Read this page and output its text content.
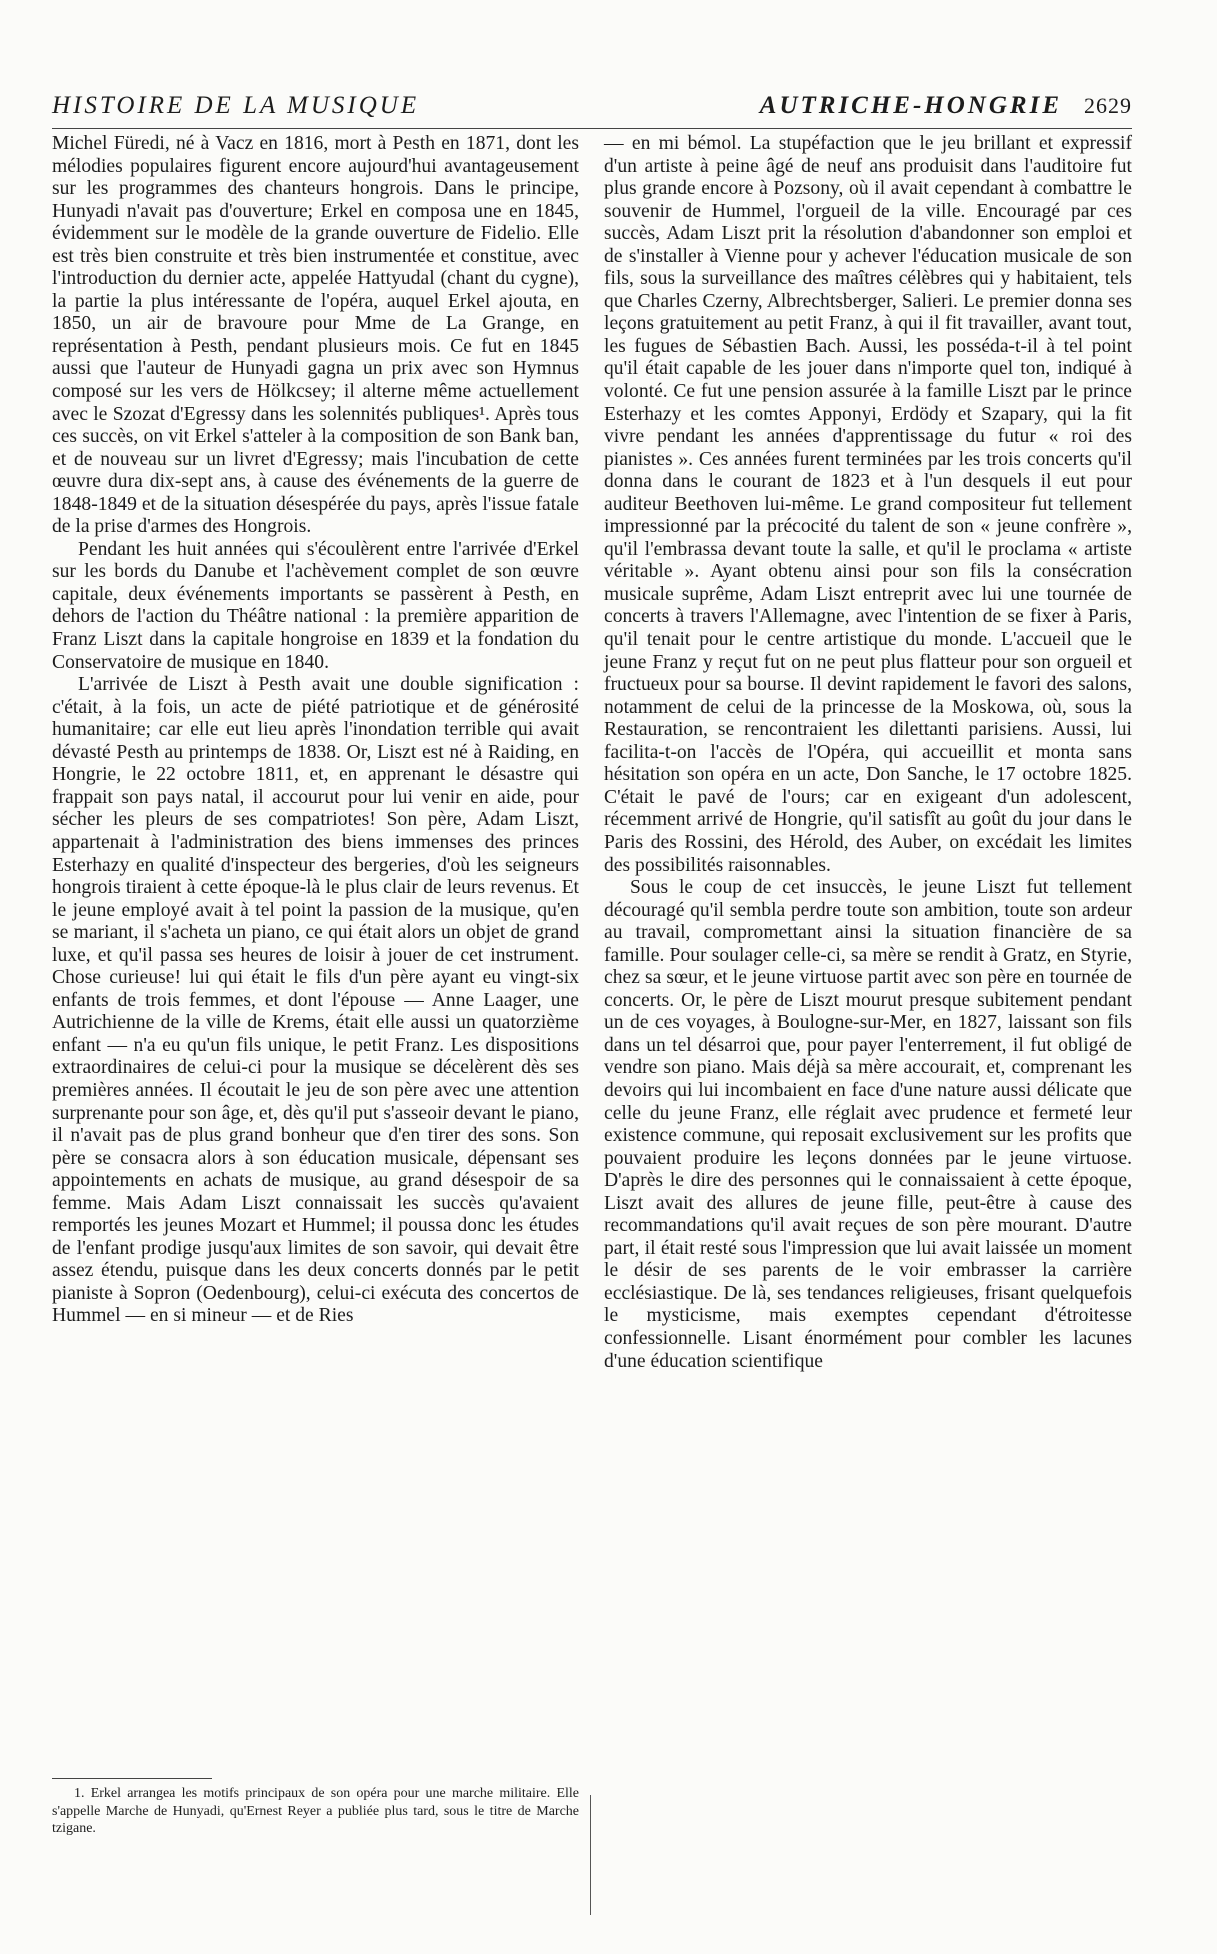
HISTOIRE DE LA MUSIQUE	AUTRICHE-HONGRIE 2629

Michel Füredi, né à Vacz en 1816, mort à Pesth en 1871, dont les mélodies populaires figurent encore aujourd'hui avantageusement sur les programmes des chanteurs hongrois. Dans le principe, Hunyadi n'avait pas d'ouverture; Erkel en composa une en 1845, évidemment sur le modèle de la grande ouverture de Fidelio. Elle est très bien construite et très bien instrumentée et constitue, avec l'introduction du dernier acte, appelée Hattyudal (chant du cygne), la partie la plus intéressante de l'opéra, auquel Erkel ajouta, en 1850, un air de bravoure pour Mme de La Grange, en représentation à Pesth, pendant plusieurs mois. Ce fut en 1845 aussi que l'auteur de Hunyadi gagna un prix avec son Hymnus composé sur les vers de Hölkcsey; il alterne même actuellement avec le Szozat d'Egressy dans les solennités publiques¹. Après tous ces succès, on vit Erkel s'atteler à la composition de son Bank ban, et de nouveau sur un livret d'Egressy; mais l'incubation de cette œuvre dura dix-sept ans, à cause des événements de la guerre de 1848-1849 et de la situation désespérée du pays, après l'issue fatale de la prise d'armes des Hongrois.

Pendant les huit années qui s'écoulèrent entre l'arrivée d'Erkel sur les bords du Danube et l'achèvement complet de son œuvre capitale, deux événements importants se passèrent à Pesth, en dehors de l'action du Théâtre national : la première apparition de Franz Liszt dans la capitale hongroise en 1839 et la fondation du Conservatoire de musique en 1840.

L'arrivée de Liszt à Pesth avait une double signification : c'était, à la fois, un acte de piété patriotique et de générosité humanitaire; car elle eut lieu après l'inondation terrible qui avait dévasté Pesth au printemps de 1838. Or, Liszt est né à Raiding, en Hongrie, le 22 octobre 1811, et, en apprenant le désastre qui frappait son pays natal, il accourut pour lui venir en aide, pour sécher les pleurs de ses compatriotes! Son père, Adam Liszt, appartenait à l'administration des biens immenses des princes Esterhazy en qualité d'inspecteur des bergeries, d'où les seigneurs hongrois tiraient à cette époque-là le plus clair de leurs revenus. Et le jeune employé avait à tel point la passion de la musique, qu'en se mariant, il s'acheta un piano, ce qui était alors un objet de grand luxe, et qu'il passa ses heures de loisir à jouer de cet instrument. Chose curieuse! lui qui était le fils d'un père ayant eu vingt-six enfants de trois femmes, et dont l'épouse — Anne Laager, une Autrichienne de la ville de Krems, était elle aussi un quatorzième enfant — n'a eu qu'un fils unique, le petit Franz. Les dispositions extraordinaires de celui-ci pour la musique se décelèrent dès ses premières années. Il écoutait le jeu de son père avec une attention surprenante pour son âge, et, dès qu'il put s'asseoir devant le piano, il n'avait pas de plus grand bonheur que d'en tirer des sons. Son père se consacra alors à son éducation musicale, dépensant ses appointements en achats de musique, au grand désespoir de sa femme. Mais Adam Liszt connaissait les succès qu'avaient remportés les jeunes Mozart et Hummel; il poussa donc les études de l'enfant prodige jusqu'aux limites de son savoir, qui devait être assez étendu, puisque dans les deux concerts donnés par le petit pianiste à Sopron (Oedenbourg), celui-ci exécuta des concertos de Hummel — en si mineur — et de Ries

— en mi bémol. La stupéfaction que le jeu brillant et expressif d'un artiste à peine âgé de neuf ans produisit dans l'auditoire fut plus grande encore à Pozsony, où il avait cependant à combattre le souvenir de Hummel, l'orgueil de la ville. Encouragé par ces succès, Adam Liszt prit la résolution d'abandonner son emploi et de s'installer à Vienne pour y achever l'éducation musicale de son fils, sous la surveillance des maîtres célèbres qui y habitaient, tels que Charles Czerny, Albrechtsberger, Salieri. Le premier donna ses leçons gratuitement au petit Franz, à qui il fit travailler, avant tout, les fugues de Sébastien Bach. Aussi, les posséda-t-il à tel point qu'il était capable de les jouer dans n'importe quel ton, indiqué à volonté. Ce fut une pension assurée à la famille Liszt par le prince Esterhazy et les comtes Apponyi, Erdödy et Szapary, qui la fit vivre pendant les années d'apprentissage du futur « roi des pianistes ». Ces années furent terminées par les trois concerts qu'il donna dans le courant de 1823 et à l'un desquels il eut pour auditeur Beethoven lui-même. Le grand compositeur fut tellement impressionné par la précocité du talent de son « jeune confrère », qu'il l'embrassa devant toute la salle, et qu'il le proclama « artiste véritable ». Ayant obtenu ainsi pour son fils la consécration musicale suprême, Adam Liszt entreprit avec lui une tournée de concerts à travers l'Allemagne, avec l'intention de se fixer à Paris, qu'il tenait pour le centre artistique du monde. L'accueil que le jeune Franz y reçut fut on ne peut plus flatteur pour son orgueil et fructueux pour sa bourse. Il devint rapidement le favori des salons, notamment de celui de la princesse de la Moskowa, où, sous la Restauration, se rencontraient les dilettanti parisiens. Aussi, lui facilita-t-on l'accès de l'Opéra, qui accueillit et monta sans hésitation son opéra en un acte, Don Sanche, le 17 octobre 1825. C'était le pavé de l'ours; car en exigeant d'un adolescent, récemment arrivé de Hongrie, qu'il satisfît au goût du jour dans le Paris des Rossini, des Hérold, des Auber, on excédait les limites des possibilités raisonnables.

Sous le coup de cet insuccès, le jeune Liszt fut tellement découragé qu'il sembla perdre toute son ambition, toute son ardeur au travail, compromettant ainsi la situation financière de sa famille. Pour soulager celle-ci, sa mère se rendit à Gratz, en Styrie, chez sa sœur, et le jeune virtuose partit avec son père en tournée de concerts. Or, le père de Liszt mourut presque subitement pendant un de ces voyages, à Boulogne-sur-Mer, en 1827, laissant son fils dans un tel désarroi que, pour payer l'enterrement, il fut obligé de vendre son piano. Mais déjà sa mère accourait, et, comprenant les devoirs qui lui incombaient en face d'une nature aussi délicate que celle du jeune Franz, elle réglait avec prudence et fermeté leur existence commune, qui reposait exclusivement sur les profits que pouvaient produire les leçons données par le jeune virtuose. D'après le dire des personnes qui le connaissaient à cette époque, Liszt avait des allures de jeune fille, peut-être à cause des recommandations qu'il avait reçues de son père mourant. D'autre part, il était resté sous l'impression que lui avait laissée un moment le désir de ses parents de le voir embrasser la carrière ecclésiastique. De là, ses tendances religieuses, frisant quelquefois le mysticisme, mais exemptes cependant d'étroitesse confessionnelle. Lisant énormément pour combler les lacunes d'une éducation scientifique

1. Erkel arrangea les motifs principaux de son opéra pour une marche militaire. Elle s'appelle Marche de Hunyadi, qu'Ernest Reyer a publiée plus tard, sous le titre de Marche tzigane.
